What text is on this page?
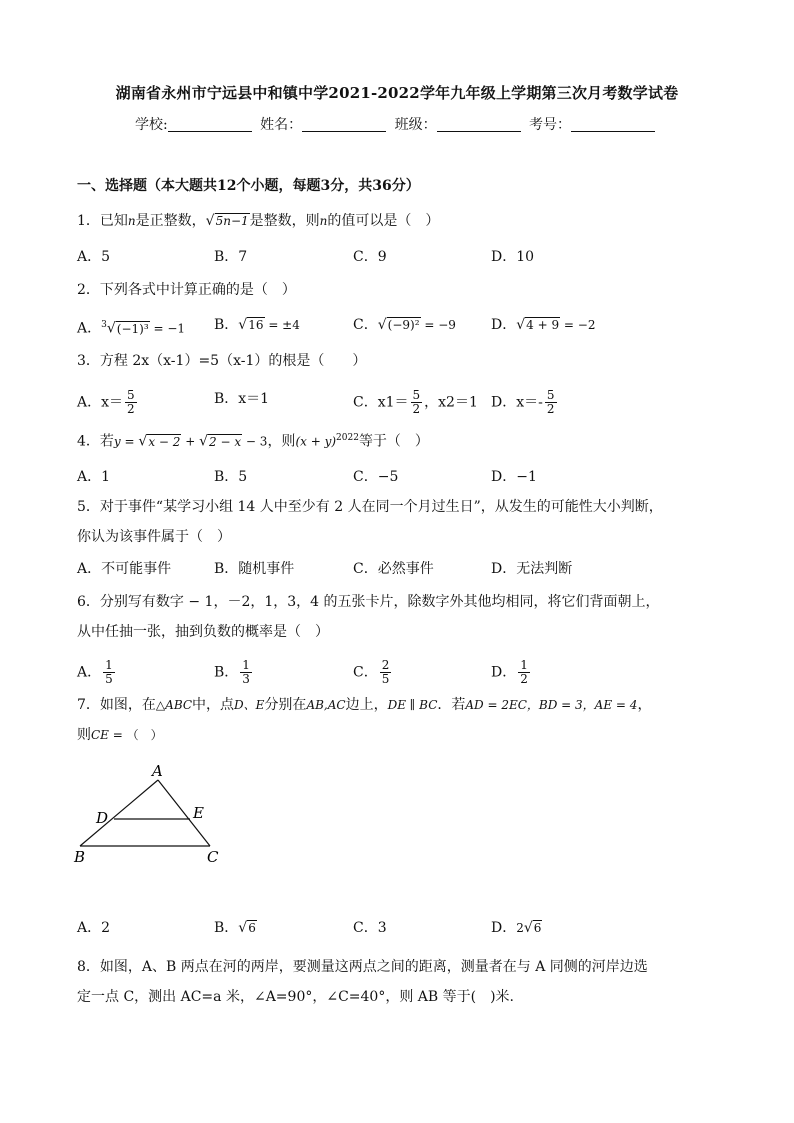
湖南省永州市宁远县中和镇中学2021-2022学年九年级上学期第三次月考数学试卷
学校:	姓名：	班级：	考号：
一、选择题（本大题共12个小题，每题3分，共36分）
1．已知n是正整数，√5n−1是整数，则n的值可以是（　）
A．5	B．7	C．9	D．10
2．下列各式中计算正确的是（　）
A．$^3$√(−1)³ = −1 B．√16 = ±4	C．√(−9)² = −9	D．√4 + 9 = −2
3．方程 2x（x-1）=5（x-1）的根是（　　）
A．$x= \frac{5}{2}$	B．x＝1	C．$x1= \frac{5}{2}$ ，x2＝1 D．$x=- \frac{5}{2}$
4．若y = √x − 2 + √2 − x − 3，则$(x + y)^{2022}$等于（　）
A．1	B．5	C．−5	D．−1
5．对于事件“某学习小组 14 人中至少有 2 人在同一个月过生日”，从发生的可能性大小判断，
你认为该事件属于（　）
A．不可能事件	B．随机事件	C．必然事件	D．无法判断
6．分别写有数字 − 1，－2，1，3，4 的五张卡片，除数字外其他均相同，将它们背面朝上，
从中任抽一张，抽到负数的概率是（　）
A． $\frac{1}{5}$	B． $\frac{1}{3}$	C． $\frac{2}{5}$	D． $\frac{1}{2}$
7．如图，在△ABC中，点D、E分别在AB,AC边上，DE ∥ BC．若AD = 2EC，BD = 3，AE = 4，
则CE = （　）
A
D	E
B	C
A．2	B．√6	C．3	D．2√6
8．如图，A、B 两点在河的两岸，要测量这两点之间的距离，测量者在与 A 同侧的河岸边选
定一点 C，测出 AC=a 米，∠A=90°，∠C=40°，则 AB 等于(　)米.
